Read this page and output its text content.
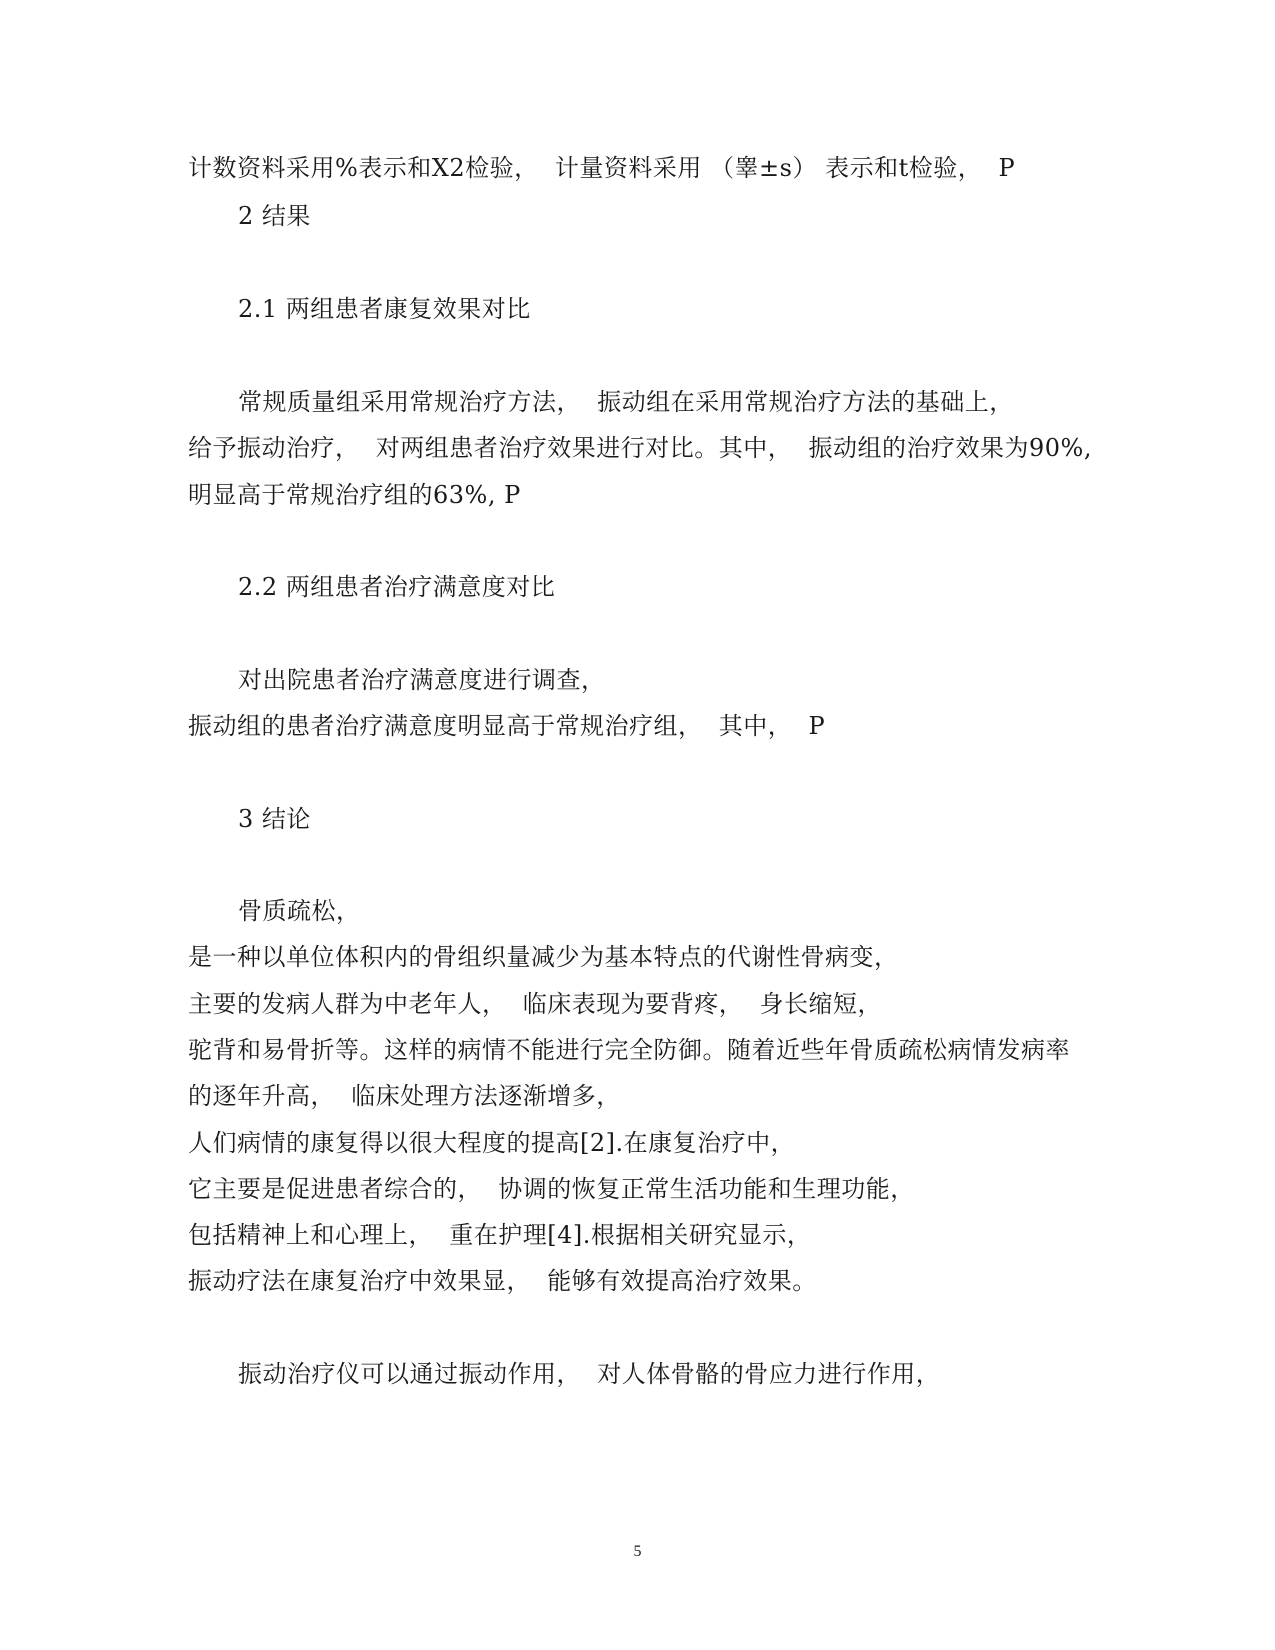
计数资料采用%表示和X2检验，  计量资料采用 （睾±s） 表示和t检验，  P
2 结果
2.1 两组患者康复效果对比
常规质量组采用常规治疗方法，  振动组在采用常规治疗方法的基础上，
给予振动治疗，  对两组患者治疗效果进行对比。其中，  振动组的治疗效果为90%,
明显高于常规治疗组的63%, P
2.2 两组患者治疗满意度对比
对出院患者治疗满意度进行调查，
振动组的患者治疗满意度明显高于常规治疗组，  其中，  P
3 结论
骨质疏松，
是一种以单位体积内的骨组织量减少为基本特点的代谢性骨病变，
主要的发病人群为中老年人，  临床表现为要背疼，  身长缩短，
驼背和易骨折等。这样的病情不能进行完全防御。随着近些年骨质疏松病情发病率
的逐年升高，  临床处理方法逐渐增多，
人们病情的康复得以很大程度的提高[2].在康复治疗中，
它主要是促进患者综合的，  协调的恢复正常生活功能和生理功能，
包括精神上和心理上，  重在护理[4].根据相关研究显示，
振动疗法在康复治疗中效果显，  能够有效提高治疗效果。
振动治疗仪可以通过振动作用，  对人体骨骼的骨应力进行作用，
5
